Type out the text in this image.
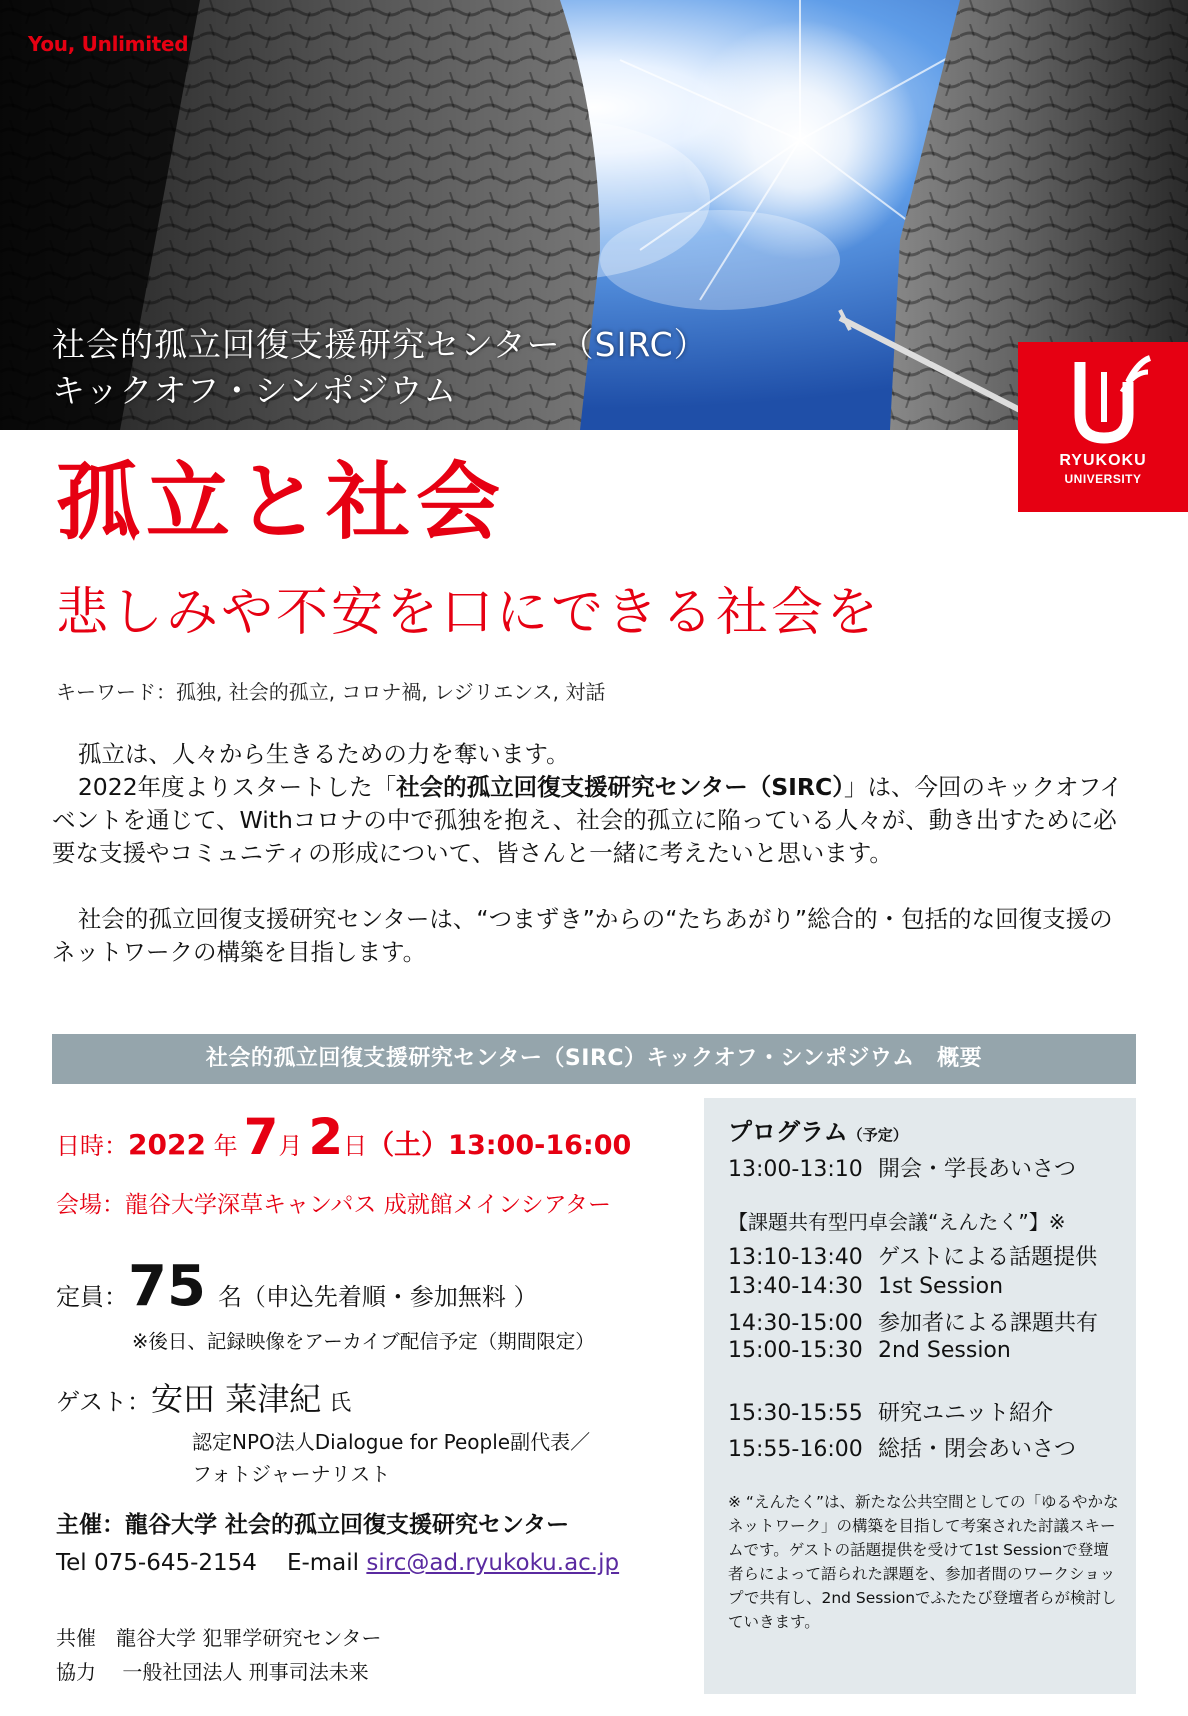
You, Unlimited
社会的孤立回復支援研究センター（SIRC）
キックオフ・シンポジウム
RYUKOKU
UNIVERSITY
孤立と社会
悲しみや不安を口にできる社会を
キーワード：孤独, 社会的孤立, コロナ禍, レジリエンス, 対話

孤立は、人々から生きるための力を奪います。

2022年度よりスタートした「社会的孤立回復支援研究センター（SIRC）」は、今回のキックオフイベントを通じて、Withコロナの中で孤独を抱え、社会的孤立に陥っている人々が、動き出すために必要な支援やコミュニティの形成について、皆さんと一緒に考えたいと思います。

社会的孤立回復支援研究センターは、“つまずき”からの“たちあがり”総合的・包括的な回復支援のネットワークの構築を目指します。

社会的孤立回復支援研究センター（SIRC）キックオフ・シンポジウム　概要
日時：2022 年 7月 2日（土）13:00-16:00
会場：龍谷大学深草キャンパス 成就館メインシアター
定員：75 名（申込先着順・参加無料 ）
※後日、記録映像をアーカイブ配信予定（期間限定）
ゲスト：安田 菜津紀 氏
認定NPO法人Dialogue for People副代表／
フォトジャーナリスト
主催：龍谷大学 社会的孤立回復支援研究センター
Tel 075-645-2154 E-mail sirc@ad.ryukoku.ac.jp
共催　龍谷大学 犯罪学研究センター
協力　 一般社団法人 刑事司法未来
プログラム（予定）
13:00-13:10 開会・学長あいさつ
【課題共有型円卓会議“えんたく”】※
13:10-13:40 ゲストによる話題提供
13:40-14:30 1st Session
14:30-15:00 参加者による課題共有
15:00-15:30 2nd Session
15:30-15:55 研究ユニット紹介
15:55-16:00 総括・閉会あいさつ
※ “えんたく”は、新たな公共空間としての「ゆるやかなネットワーク」の構築を目指して考案された討議スキームです。ゲストの話題提供を受けて1st Sessionで登壇者らによって語られた課題を、参加者間のワークショップで共有し、2nd Sessionでふたたび登壇者らが検討していきます。
